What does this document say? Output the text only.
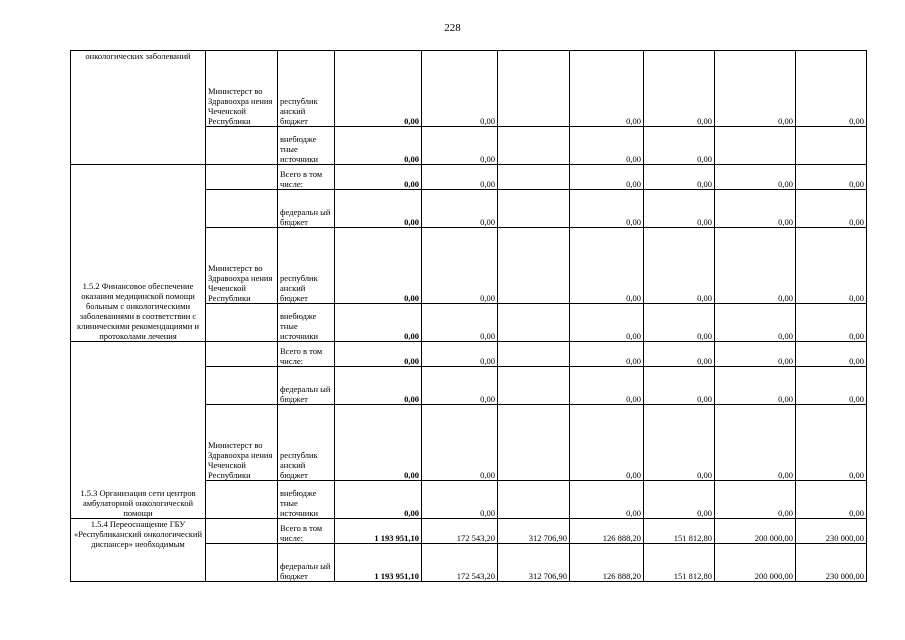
228
онкологических заболеваний	Министерст во Здравоохра нения Чеченской Республики	республик анский бюджет	0,00	0,00		0,00	0,00	0,00	0,00
		внебюдже тные источники	0,00	0,00		0,00	0,00		
1.5.2 Финансовое обеспечение оказания медицинской помощи больным с онкологическими заболеваниями в соответствии с клиническими рекомендациями и протоколами лечения		Всего в том числе:	0,00	0,00		0,00	0,00	0,00	0,00
		федеральн ый бюджет	0,00	0,00		0,00	0,00	0,00	0,00
	Министерст во Здравоохра нения Чеченской Республики	республик анский бюджет	0,00	0,00		0,00	0,00	0,00	0,00
		внебюдже тные источники	0,00	0,00		0,00	0,00	0,00	0,00
1.5.3 Организация сети центров амбулаторной онкологической помощи		Всего в том числе:	0,00	0,00		0,00	0,00	0,00	0,00
		федеральн ый бюджет	0,00	0,00		0,00	0,00	0,00	0,00
	Министерст во Здравоохра нения Чеченской Республики	республик анский бюджет	0,00	0,00		0,00	0,00	0,00	0,00
		внебюдже тные источники	0,00	0,00		0,00	0,00	0,00	0,00
1.5.4 Переоснащение ГБУ «Республиканский онкологический диспансер» необходимым		Всего в том числе:	1 193 951,10	172 543,20	312 706,90	126 888,20	151 812,80	200 000,00	230 000,00
		федеральн ый бюджет	1 193 951,10	172 543,20	312 706,90	126 888,20	151 812,80	200 000,00	230 000,00
